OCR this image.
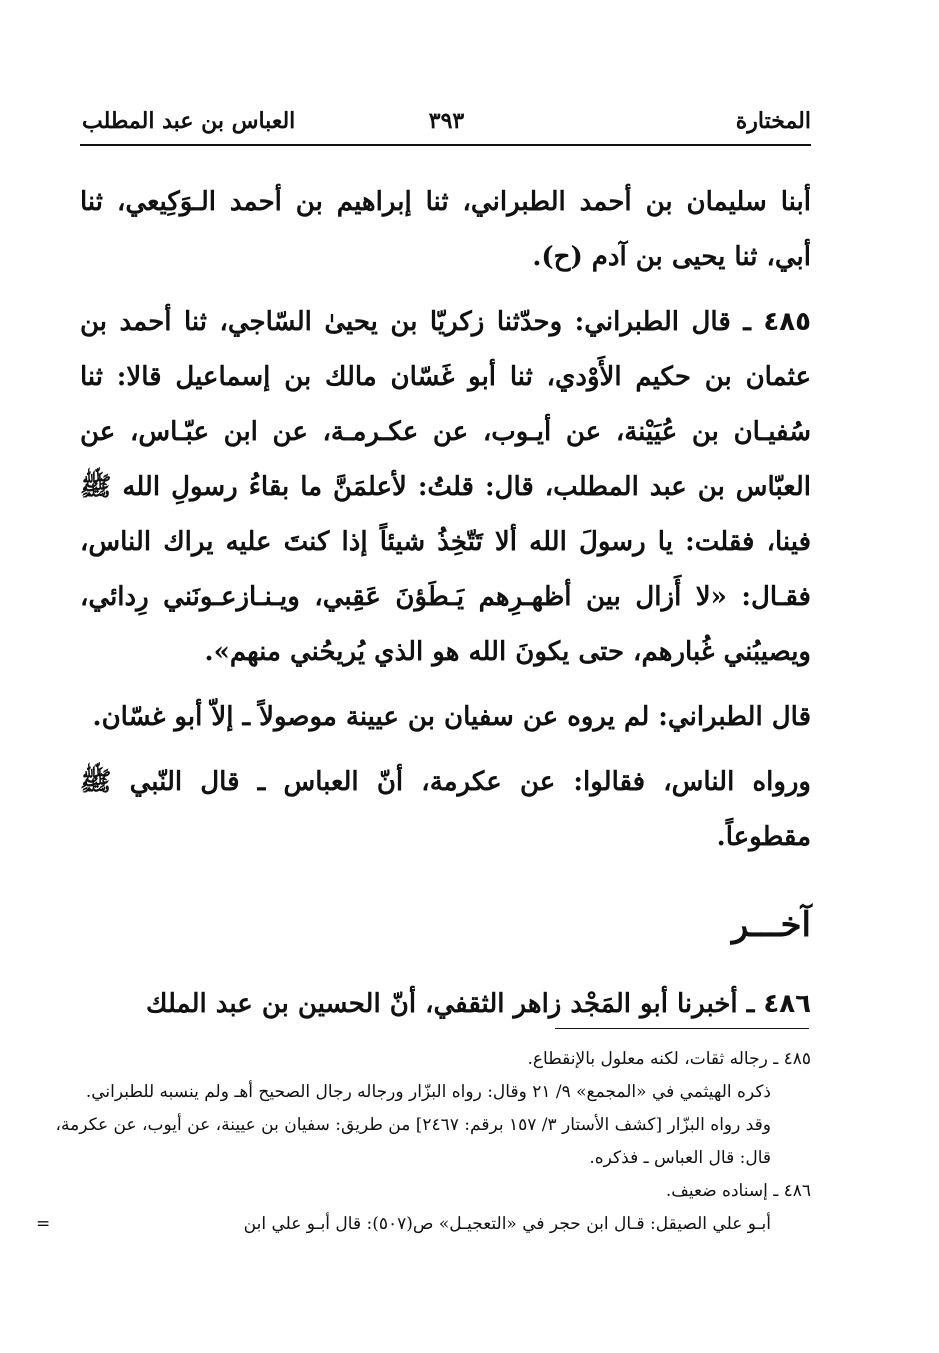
المختارة
٣٩٣
العباس بن عبد المطلب

أبنا سليمان بن أحمد الطبراني، ثنا إبراهيم بن أحمد الـوَكِيعي، ثنا أبي، ثنا يحيى بن آدم (ح).

٤٨٥ ـ قال الطبراني: وحدّثنا زكريّا بن يحيىٰ السّاجي، ثنا أحمد بن عثمان بن حكيم الأَوْدي، ثنا أبو غَسّان مالك بن إسماعيل قالا: ثنا سُفيـان بن عُيَيْنة، عن أيـوب، عن عكـرمـة، عن ابن عبّـاس، عن العبّاس بن عبد المطلب، قال: قلتُ: لأعلمَنَّ ما بقاءُ رسولِ الله ﷺ فينا، فقلت: يا رسولَ الله ألا تَتّخِذُ شيئاً إذا كنتَ عليه يراك الناس، فقـال: «لا أَزال بين أظهـرِهم يَـطَؤنَ عَقِبي، ويـنـازعـونَني رِدائي، ويصيبُني غُبارهم، حتى يكونَ الله هو الذي يُريحُني منهم».

قال الطبراني: لم يروه عن سفيان بن عيينة موصولاً ـ إلاّ أبو غسّان.

ورواه الناس، فقالوا: عن عكرمة، أنّ العباس ـ قال النّبي ﷺ مقطوعاً.

آخـــر

٤٨٦ ـ أخبرنا أبو المَجْد زاهر الثقفي، أنّ الحسين بن عبد الملك

٤٨٥ ـ رجاله ثقات، لكنه معلول بالإنقطاع.

ذكره الهيثمي في «المجمع» ٩/ ٢١ وقال: رواه البزّار ورجاله رجال الصحيح أهـ ولم ينسبه للطبراني.

وقد رواه البزّار [كشف الأستار ٣/ ١٥٧ برقم: ٢٤٦٧] من طريق: سفيان بن عيينة، عن أيوب، عن عكرمة، قال: قال العباس ـ فذكره.

٤٨٦ ـ إسناده ضعيف.

أبـو علي الصيقل: قـال ابن حجر في «التعجيـل» ص(٥٠٧): قال أبـو علي ابن
=
